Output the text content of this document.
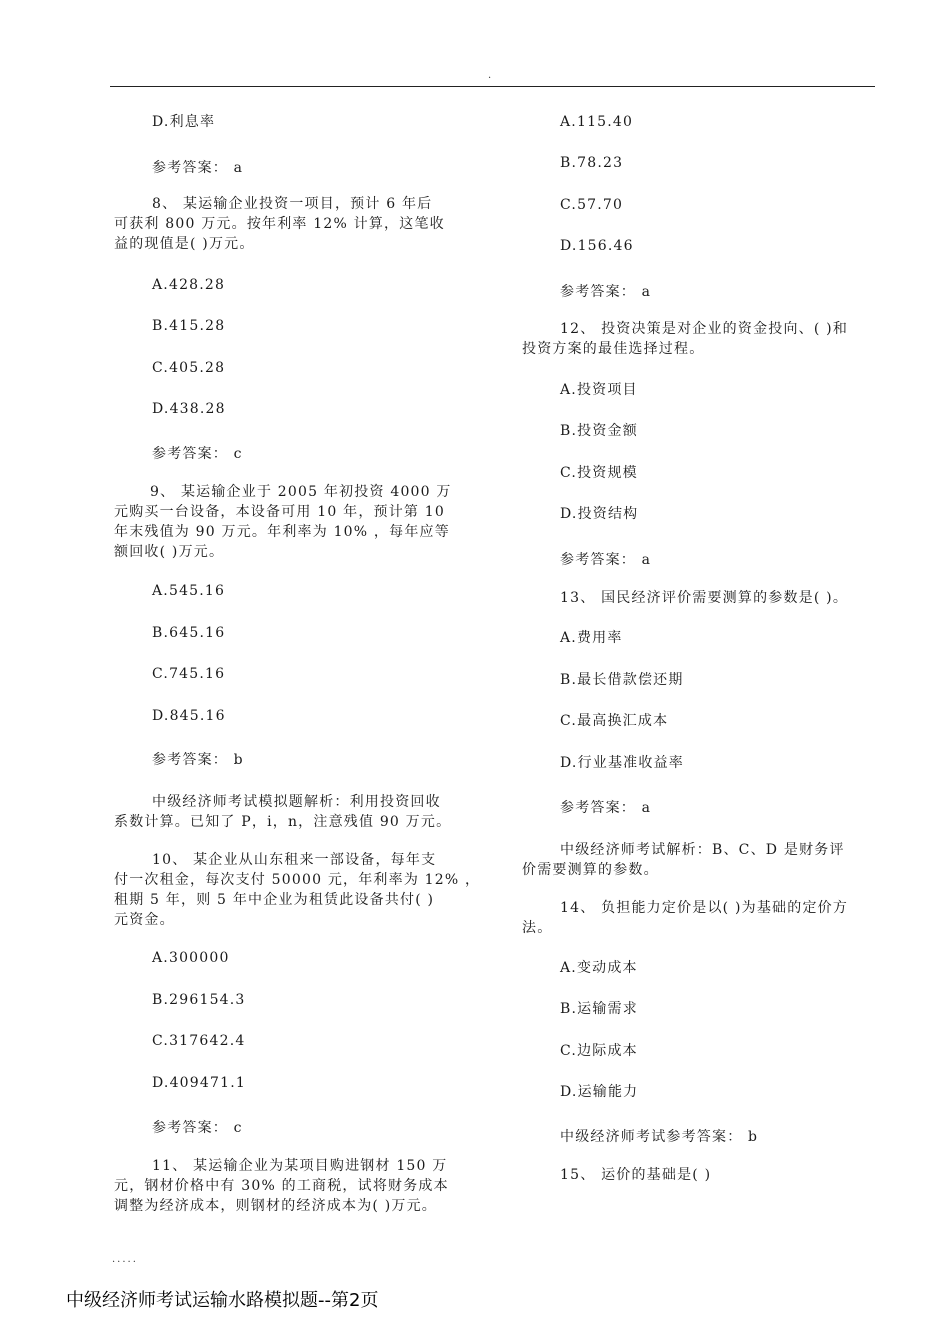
.

D.利息率

参考答案： a

8、 某运输企业投资一项目，预计 6 年后
可获利 800 万元。按年利率 12% 计算，这笔收
益的现值是( )万元。

A.428.28

B.415.28

C.405.28

D.438.28

参考答案： c

9、 某运输企业于 2005 年初投资 4000 万
元购买一台设备，本设备可用 10 年，预计第 10
年末残值为 90 万元。年利率为 10% ，每年应等
额回收( )万元。

A.545.16

B.645.16

C.745.16

D.845.16

参考答案： b

中级经济师考试模拟题解析：利用投资回收
系数计算。已知了 P，i，n，注意残值 90 万元。
10、 某企业从山东租来一部设备，每年支
付一次租金，每次支付 50000 元，年利率为 12% ，
租期 5 年，则 5 年中企业为租赁此设备共付( )
元资金。

A.300000

B.296154.3

C.317642.4

D.409471.1

参考答案： c

11、 某运输企业为某项目购进钢材 150 万
元，钢材价格中有 30% 的工商税，试将财务成本
调整为经济成本，则钢材的经济成本为( )万元。

A.115.40

B.78.23

C.57.70

D.156.46

参考答案： a

12、 投资决策是对企业的资金投向、( )和
投资方案的最佳选择过程。

A.投资项目

B.投资金额

C.投资规模

D.投资结构

参考答案： a

13、 国民经济评价需要测算的参数是( )。

A.费用率

B.最长借款偿还期

C.最高换汇成本

D.行业基准收益率

参考答案： a

中级经济师考试解析：B、C、D 是财务评
价需要测算的参数。
14、 负担能力定价是以( )为基础的定价方
法。

A.变动成本

B.运输需求

C.边际成本

D.运输能力

中级经济师考试参考答案： b

15、 运价的基础是( )

.....
中级经济师考试运输水路模拟题--第2页
